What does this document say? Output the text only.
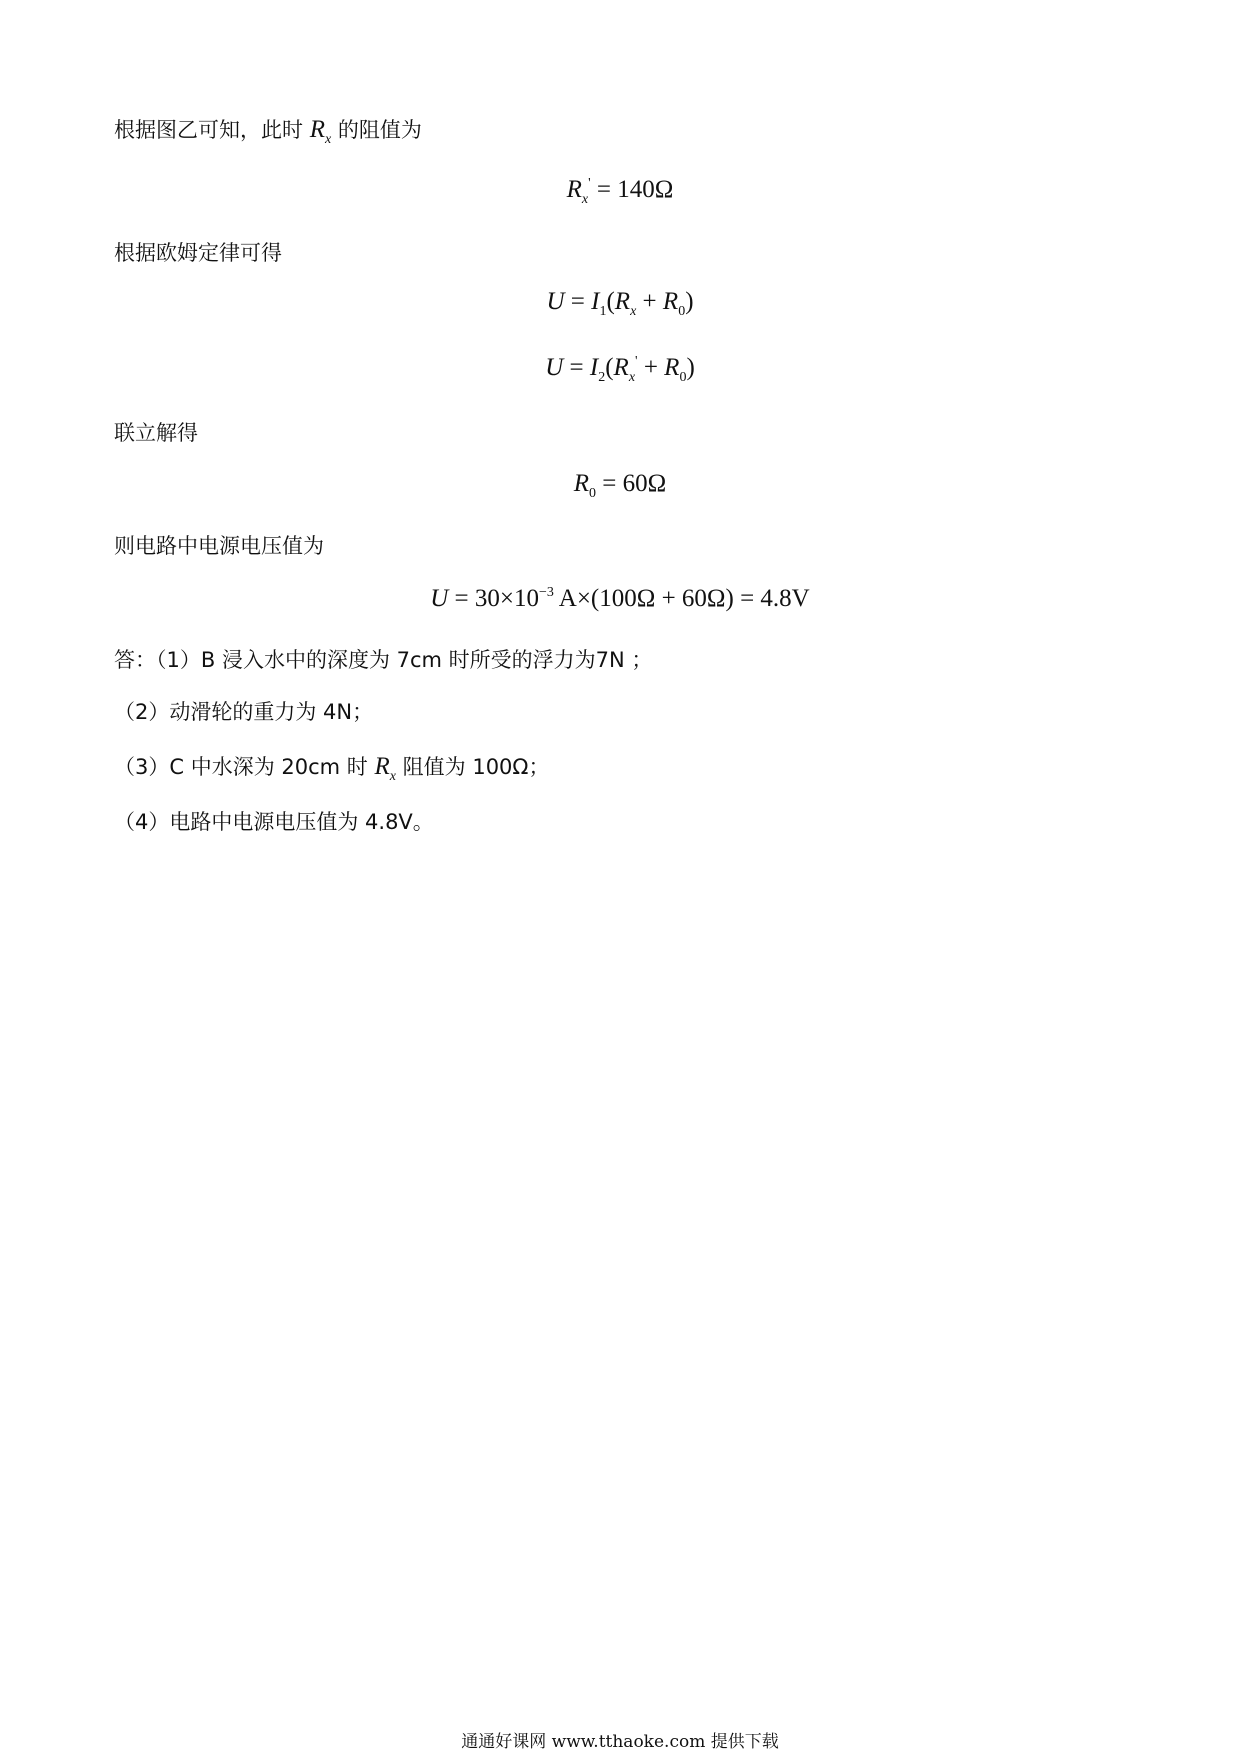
根据图乙可知，此时 $R_x$ 的阻值为
$R_x' = 140\Omega$
根据欧姆定律可得
$U = I_1(R_x + R_0)$
$U = I_2(R_x' + R_0)$
联立解得
$R_0 = 60\Omega$
则电路中电源电压值为
$U = 30\times 10^{-3}$ A×(100Ω + 60Ω) = 4.8V
答：（1）B 浸入水中的深度为 7cm 时所受的浮力为7N ；
（2）动滑轮的重力为 4N；
（3）C 中水深为 20cm 时 $R_x$ 阻值为 100Ω；
（4）电路中电源电压值为 4.8V。
通通好课网 www.tthaoke.com 提供下载
